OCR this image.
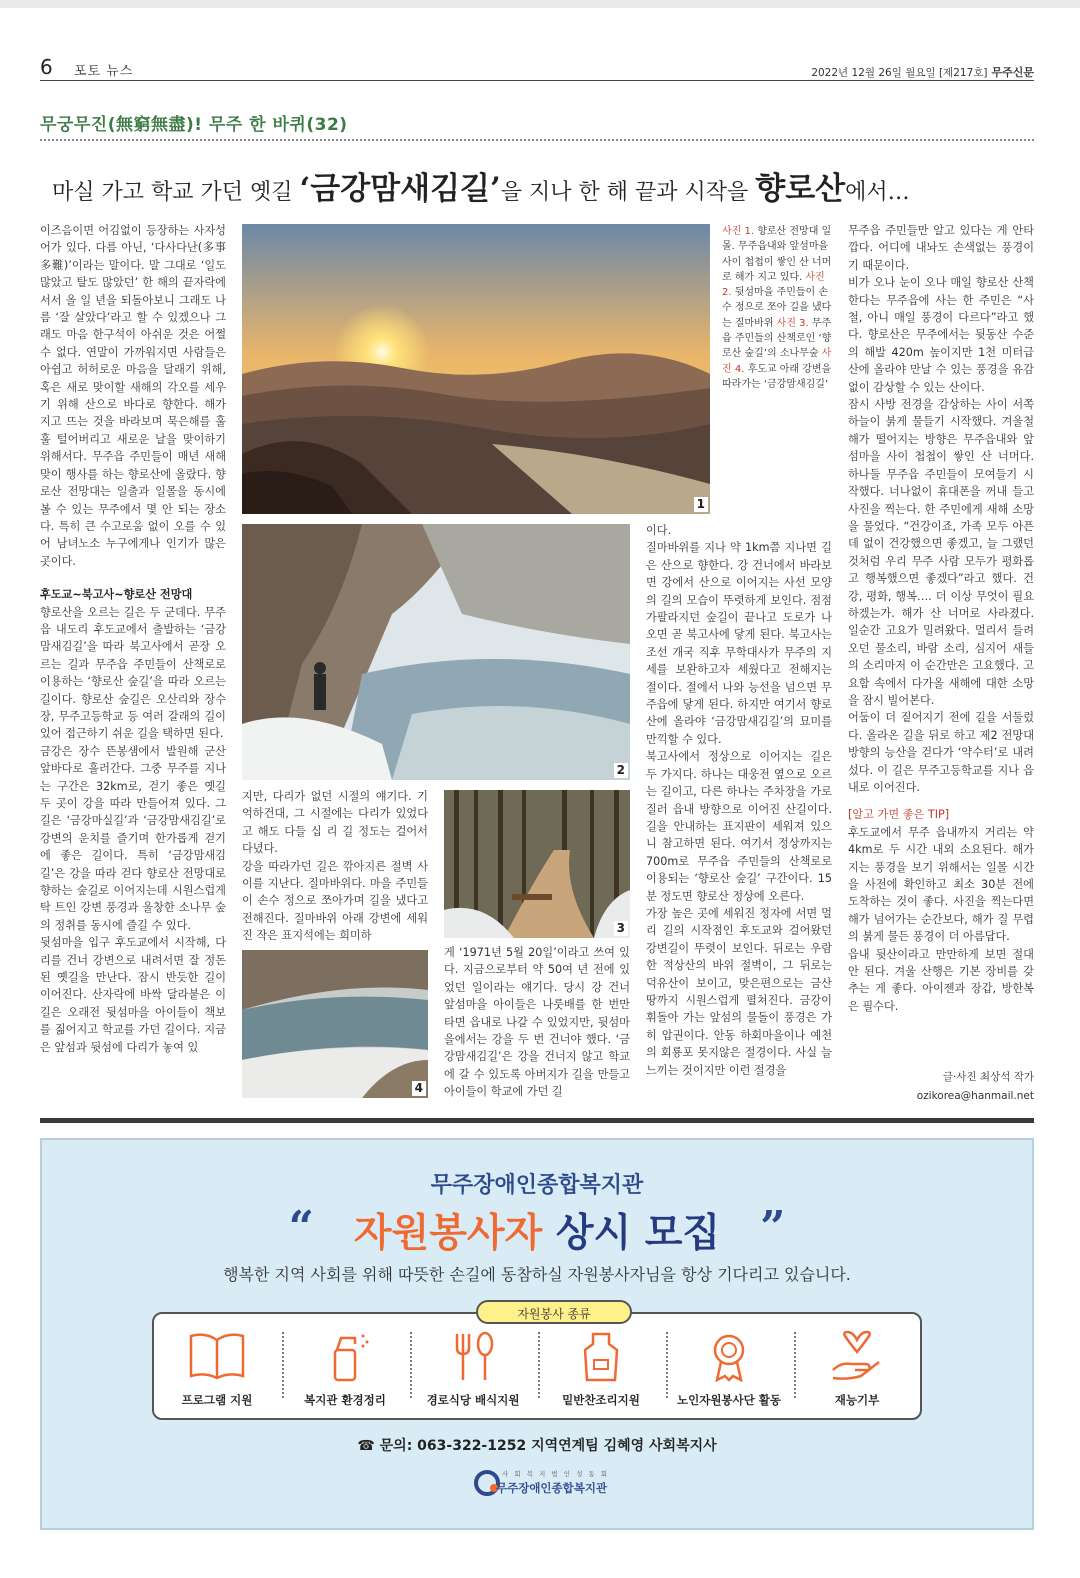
6 포토 뉴스	2022년 12월 26일 월요일 [제217호] 무주신문
무궁무진(無窮無盡)! 무주 한 바퀴(32)
마실 가고 학교 가던 옛길 ‘금강맘새김길’을 지나 한 해 끝과 시작을 향로산에서…

이즈음이면 어김없이 등장하는 사자성어가 있다. 다름 아닌, ‘다사다난(多事多難)’이라는 말이다. 말 그대로 ‘일도 많았고 탈도 많았던’ 한 해의 끝자락에 서서 올 일 년을 되돌아보니 그래도 나름 ‘잘 살았다’라고 할 수 있겠으나 그래도 마음 한구석이 아쉬운 것은 어쩔 수 없다. 연말이 가까워지면 사람들은 아쉽고 허허로운 마음을 달래기 위해, 혹은 새로 맞이할 새해의 각오를 세우기 위해 산으로 바다로 향한다. 해가 지고 뜨는 것을 바라보며 묵은해를 훌훌 털어버리고 새로운 날을 맞이하기 위해서다. 무주읍 주민들이 매년 새해맞이 행사를 하는 향로산에 올랐다. 향로산 전망대는 일출과 일몰을 동시에 볼 수 있는 무주에서 몇 안 되는 장소다. 특히 큰 수고로움 없이 오를 수 있어 남녀노소 누구에게나 인기가 많은 곳이다.

후도교~북고사~향로산 전망대

향로산을 오르는 길은 두 군데다. 무주읍 내도리 후도교에서 출발하는 ‘금강맘새김길’을 따라 북고사에서 곧장 오르는 길과 무주읍 주민들이 산책로로 이용하는 ‘향로산 숲길’을 따라 오르는 길이다. 향로산 숲길은 오산리와 장수장, 무주고등학교 등 여러 갈래의 길이 있어 접근하기 쉬운 길을 택하면 된다.

금강은 장수 뜬봉샘에서 발원해 군산 앞바다로 흘러간다. 그중 무주를 지나는 구간은 32km로, 걷기 좋은 옛길 두 곳이 강을 따라 만들어져 있다. 그 길은 ‘금강마실길’과 ‘금강맘새김길’로 강변의 운치를 즐기며 한가롭게 걷기에 좋은 길이다. 특히 ‘금강맘새김길’은 강을 따라 걷다 향로산 전망대로 향하는 숲길로 이어지는데 시원스럽게 탁 트인 강변 풍경과 울창한 소나무 숲의 정취를 동시에 즐길 수 있다.

뒷섬마을 입구 후도교에서 시작해, 다리를 건너 강변으로 내려서면 잘 정돈된 옛길을 만난다. 잠시 반듯한 길이 이어진다. 산자락에 바싹 달라붙은 이 길은 오래전 뒷섬마을 아이들이 책보를 짊어지고 학교를 가던 길이다. 지금은 앞섬과 뒷섬에 다리가 놓여 있

1
사진 1. 향로산 전망대 일몰. 무주읍내와 앞섬마을 사이 첩첩이 쌓인 산 너머로 해가 지고 있다. 사진 2. 뒷섬마을 주민들이 손수 정으로 쪼아 길을 냈다는 질마바위 사진 3. 무주읍 주민들의 산책로인 ‘향로산 숲길’의 소나무숲 사진 4. 후도교 아래 강변을 따라가는 ‘금강맘새김길’
2
3
4

지만, 다리가 없던 시절의 얘기다. 기억하건대, 그 시절에는 다리가 있었다고 해도 다들 십 리 길 정도는 걸어서 다녔다.

강을 따라가던 길은 깎아지른 절벽 사이를 지난다. 질마바위다. 마을 주민들이 손수 정으로 쪼아가며 길을 냈다고 전해진다. 질마바위 아래 강변에 세워진 작은 표지석에는 희미하

게 ‘1971년 5월 20일’이라고 쓰여 있다. 지금으로부터 약 50여 년 전에 있었던 일이라는 얘기다. 당시 강 건너 앞섬마을 아이들은 나룻배를 한 번만 타면 읍내로 나갈 수 있었지만, 뒷섬마을에서는 강을 두 번 건너야 했다. ‘금강맘새김길’은 강을 건너지 않고 학교에 갈 수 있도록 아버지가 길을 만들고 아이들이 학교에 가던 길

이다.

질마바위를 지나 약 1km쯤 지나면 길은 산으로 향한다. 강 건너에서 바라보면 강에서 산으로 이어지는 사선 모양의 길의 모습이 뚜렷하게 보인다. 점점 가팔라지던 숲길이 끝나고 도로가 나오면 곧 북고사에 닿게 된다. 북고사는 조선 개국 직후 무학대사가 무주의 지세를 보완하고자 세웠다고 전해지는 절이다. 절에서 나와 능선을 넘으면 무주읍에 닿게 된다. 하지만 여기서 향로산에 올라야 ‘금강맘새김길’의 묘미를 만끽할 수 있다.

북고사에서 정상으로 이어지는 길은 두 가지다. 하나는 대웅전 옆으로 오르는 길이고, 다른 하나는 주차장을 가로질러 읍내 방향으로 이어진 산길이다. 길을 안내하는 표지판이 세워져 있으니 참고하면 된다. 여기서 정상까지는 700m로 무주읍 주민들의 산책로로 이용되는 ‘향로산 숲길’ 구간이다. 15분 정도면 향로산 정상에 오른다.

가장 높은 곳에 세워진 정자에 서면 멀리 길의 시작점인 후도교와 걸어왔던 강변길이 뚜렷이 보인다. 뒤로는 우람한 적상산의 바위 절벽이, 그 뒤로는 덕유산이 보이고, 맞은편으로는 금산 땅까지 시원스럽게 펼쳐진다. 금강이 휘돌아 가는 앞섬의 물돌이 풍경은 가히 압권이다. 안동 하회마을이나 예천의 회룡포 못지않은 절경이다. 사실 늘 느끼는 것이지만 이런 절경을

무주읍 주민들만 알고 있다는 게 안타깝다. 어디에 내놔도 손색없는 풍경이기 때문이다.

비가 오나 눈이 오나 매일 향로산 산책한다는 무주읍에 사는 한 주민은 “사철, 아니 매일 풍경이 다르다”라고 했다. 향로산은 무주에서는 뒷동산 수준의 해발 420m 높이지만 1천 미터급 산에 올라야 만날 수 있는 풍경을 유감없이 감상할 수 있는 산이다.

잠시 사방 전경을 감상하는 사이 서쪽 하늘이 붉게 물들기 시작했다. 겨울철 해가 떨어지는 방향은 무주읍내와 앞섬마을 사이 첩첩이 쌓인 산 너머다. 하나둘 무주읍 주민들이 모여들기 시작했다. 너나없이 휴대폰을 꺼내 들고 사진을 찍는다. 한 주민에게 새해 소망을 물었다. “건강이죠, 가족 모두 아픈 데 없이 건강했으면 좋겠고, 늘 그랬던 것처럼 우리 무주 사람 모두가 평화롭고 행복했으면 좋겠다”라고 했다. 건강, 평화, 행복…. 더 이상 무엇이 필요하겠는가. 해가 산 너머로 사라졌다. 일순간 고요가 밀려왔다. 멀리서 들려오던 물소리, 바람 소리, 심지어 새들의 소리마저 이 순간만은 고요했다. 고요함 속에서 다가올 새해에 대한 소망을 잠시 빌어본다.

어둠이 더 짙어지기 전에 길을 서둘렀다. 올라온 길을 뒤로 하고 제2 전망대 방향의 능산을 걷다가 ‘약수터’로 내려섰다. 이 길은 무주고등학교를 지나 읍내로 이어진다.

[알고 가면 좋은 TIP]

후도교에서 무주 읍내까지 거리는 약 4km로 두 시간 내외 소요된다. 해가 지는 풍경을 보기 위해서는 일몰 시간을 사전에 확인하고 최소 30분 전에 도착하는 것이 좋다. 사진을 찍는다면 해가 넘어가는 순간보다, 해가 질 무렵의 붉게 물든 풍경이 더 아름답다.

읍내 뒷산이라고 만만하게 보면 절대 안 된다. 겨울 산행은 기본 장비를 갖추는 게 좋다. 아이젠과 장갑, 방한복은 필수다.

글·사진 최상석 작가
ozikorea@hanmail.net
무주장애인종합복지관
“ 자원봉사자 상시 모집 ”
행복한 지역 사회를 위해 따뜻한 손길에 동참하실 자원봉사자님을 항상 기다리고 있습니다.
자원봉사 종류
프로그램 지원	복지관 환경정리	경로식당 배식지원	밑반찬조리지원	노인자원봉사단 활동	재능기부
☎ 문의: 063-322-1252 지역연계팀 김혜영 사회복지사
사 회 복 지 법 인 성 동 회
무주장애인종합복지관
